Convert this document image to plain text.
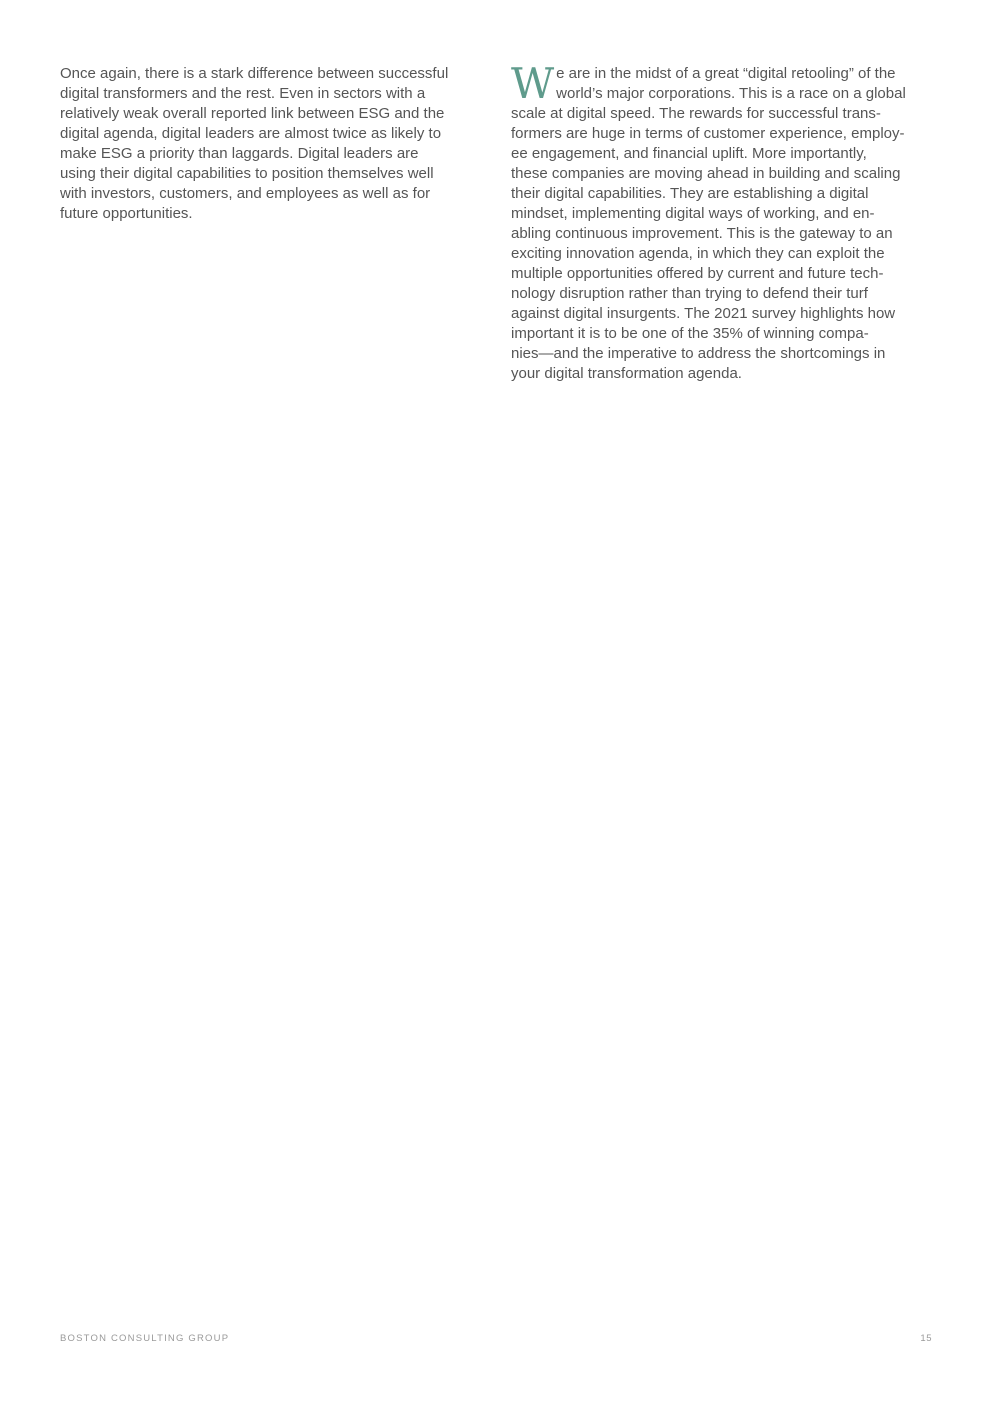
Once again, there is a stark difference between successful
digital transformers and the rest. Even in sectors with a
relatively weak overall reported link between ESG and the
digital agenda, digital leaders are almost twice as likely to
make ESG a priority than laggards. Digital leaders are
using their digital capabilities to position themselves well
with investors, customers, and employees as well as for
future opportunities.

W e are in the midst of a great “digital retooling” of the
world’s major corporations. This is a race on a global
scale at digital speed. The rewards for successful trans-
formers are huge in terms of customer experience, employ-
ee engagement, and financial uplift. More importantly,
these companies are moving ahead in building and scaling
their digital capabilities. They are establishing a digital
mindset, implementing digital ways of working, and en-
abling continuous improvement. This is the gateway to an
exciting innovation agenda, in which they can exploit the
multiple opportunities offered by current and future tech-
nology disruption rather than trying to defend their turf
against digital insurgents. The 2021 survey highlights how
important it is to be one of the 35% of winning compa-
nies—and the imperative to address the shortcomings in
your digital transformation agenda.

BOSTON CONSULTING GROUP	15
